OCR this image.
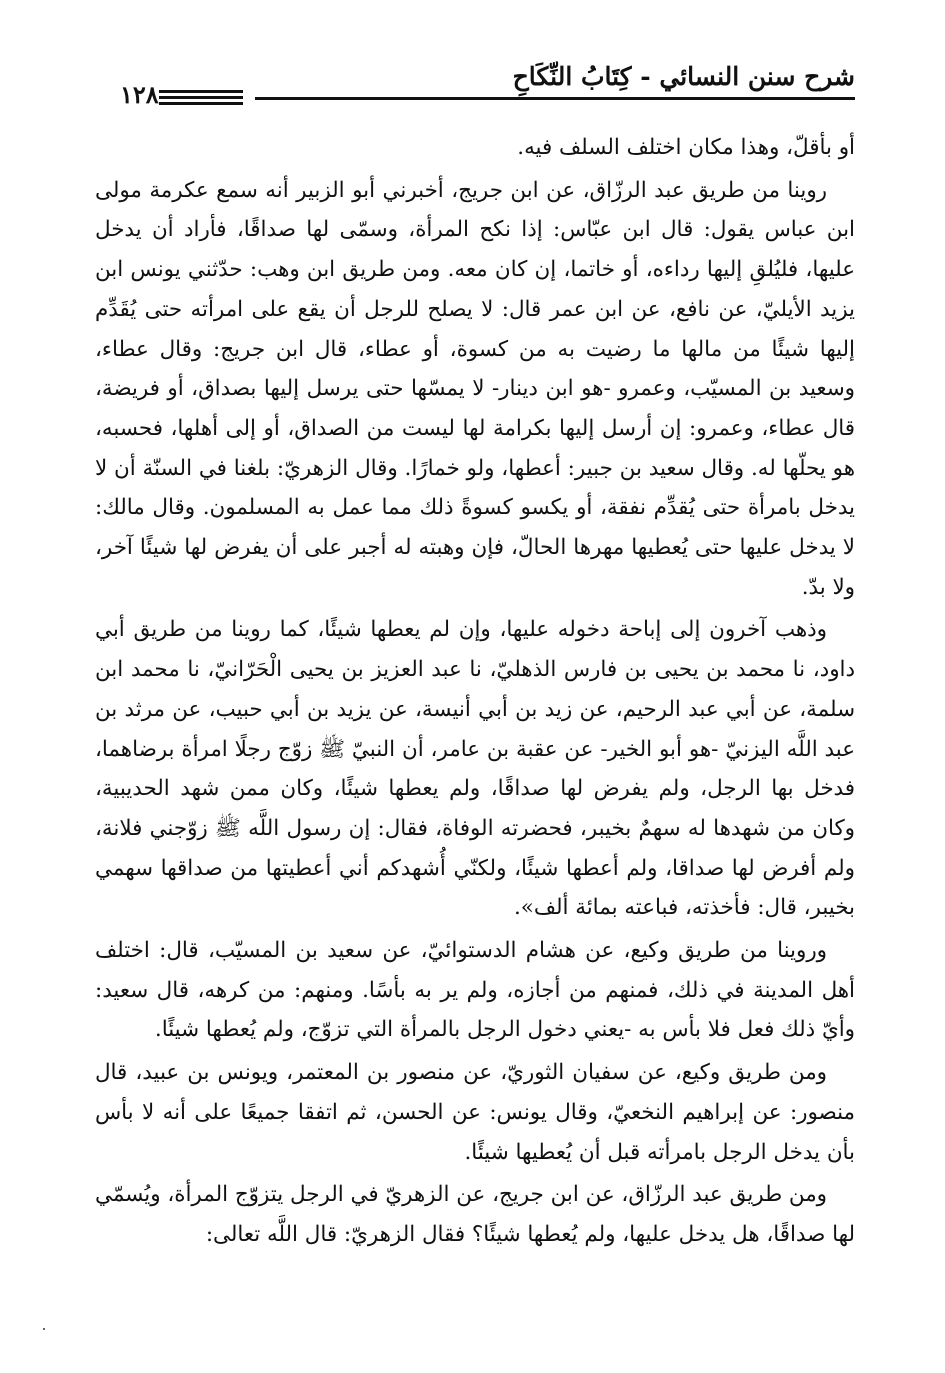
شرح سنن النسائي - كِتَابُ النِّكَاحِ
١٢٨

أو بأقلّ، وهذا مكان اختلف السلف فيه.

روينا من طريق عبد الرزّاق، عن ابن جريج، أخبرني أبو الزبير أنه سمع عكرمة مولى ابن عباس يقول: قال ابن عبّاس: إذا نكح المرأة، وسمّى لها صداقًا، فأراد أن يدخل عليها، فليُلقِ إليها رداءه، أو خاتما، إن كان معه. ومن طريق ابن وهب: حدّثني يونس ابن يزيد الأيليّ، عن نافع، عن ابن عمر قال: لا يصلح للرجل أن يقع على امرأته حتى يُقَدِّم إليها شيئًا من مالها ما رضيت به من كسوة، أو عطاء، قال ابن جريج: وقال عطاء، وسعيد بن المسيّب، وعمرو -هو ابن دينار- لا يمسّها حتى يرسل إليها بصداق، أو فريضة، قال عطاء، وعمرو: إن أرسل إليها بكرامة لها ليست من الصداق، أو إلى أهلها، فحسبه، هو يحلّها له. وقال سعيد بن جبير: أعطها، ولو خمارًا. وقال الزهريّ: بلغنا في السنّة أن لا يدخل بامرأة حتى يُقدِّم نفقة، أو يكسو كسوةً ذلك مما عمل به المسلمون. وقال مالك: لا يدخل عليها حتى يُعطيها مهرها الحالّ، فإن وهبته له أجبر على أن يفرض لها شيئًا آخر، ولا بدّ.

وذهب آخرون إلى إباحة دخوله عليها، وإن لم يعطها شيئًا، كما روينا من طريق أبي داود، نا محمد بن يحيى بن فارس الذهليّ، نا عبد العزيز بن يحيى الْحَرّانيّ، نا محمد ابن سلمة، عن أبي عبد الرحيم، عن زيد بن أبي أنيسة، عن يزيد بن أبي حبيب، عن مرثد بن عبد اللَّه اليزنيّ -هو أبو الخير- عن عقبة بن عامر، أن النبيّ ﷺ زوّج رجلًا امرأة برضاهما، فدخل بها الرجل، ولم يفرض لها صداقًا، ولم يعطها شيئًا، وكان ممن شهد الحديبية، وكان من شهدها له سهمٌ بخيبر، فحضرته الوفاة، فقال: إن رسول اللَّه ﷺ زوّجني فلانة، ولم أفرض لها صداقا، ولم أعطها شيئًا، ولكنّي أُشهدكم أني أعطيتها من صداقها سهمي بخيبر، قال: فأخذته، فباعته بمائة ألف».

وروينا من طريق وكيع، عن هشام الدستوائيّ، عن سعيد بن المسيّب، قال: اختلف أهل المدينة في ذلك، فمنهم من أجازه، ولم ير به بأسًا. ومنهم: من كرهه، قال سعيد: وأيّ ذلك فعل فلا بأس به -يعني دخول الرجل بالمرأة التي تزوّج، ولم يُعطها شيئًا.

ومن طريق وكيع، عن سفيان الثوريّ، عن منصور بن المعتمر، ويونس بن عبيد، قال منصور: عن إبراهيم النخعيّ، وقال يونس: عن الحسن، ثم اتفقا جميعًا على أنه لا بأس بأن يدخل الرجل بامرأته قبل أن يُعطيها شيئًا.

ومن طريق عبد الرزّاق، عن ابن جريج، عن الزهريّ في الرجل يتزوّج المرأة، ويُسمّي لها صداقًا، هل يدخل عليها، ولم يُعطها شيئًا؟ فقال الزهريّ: قال اللَّه تعالى:
